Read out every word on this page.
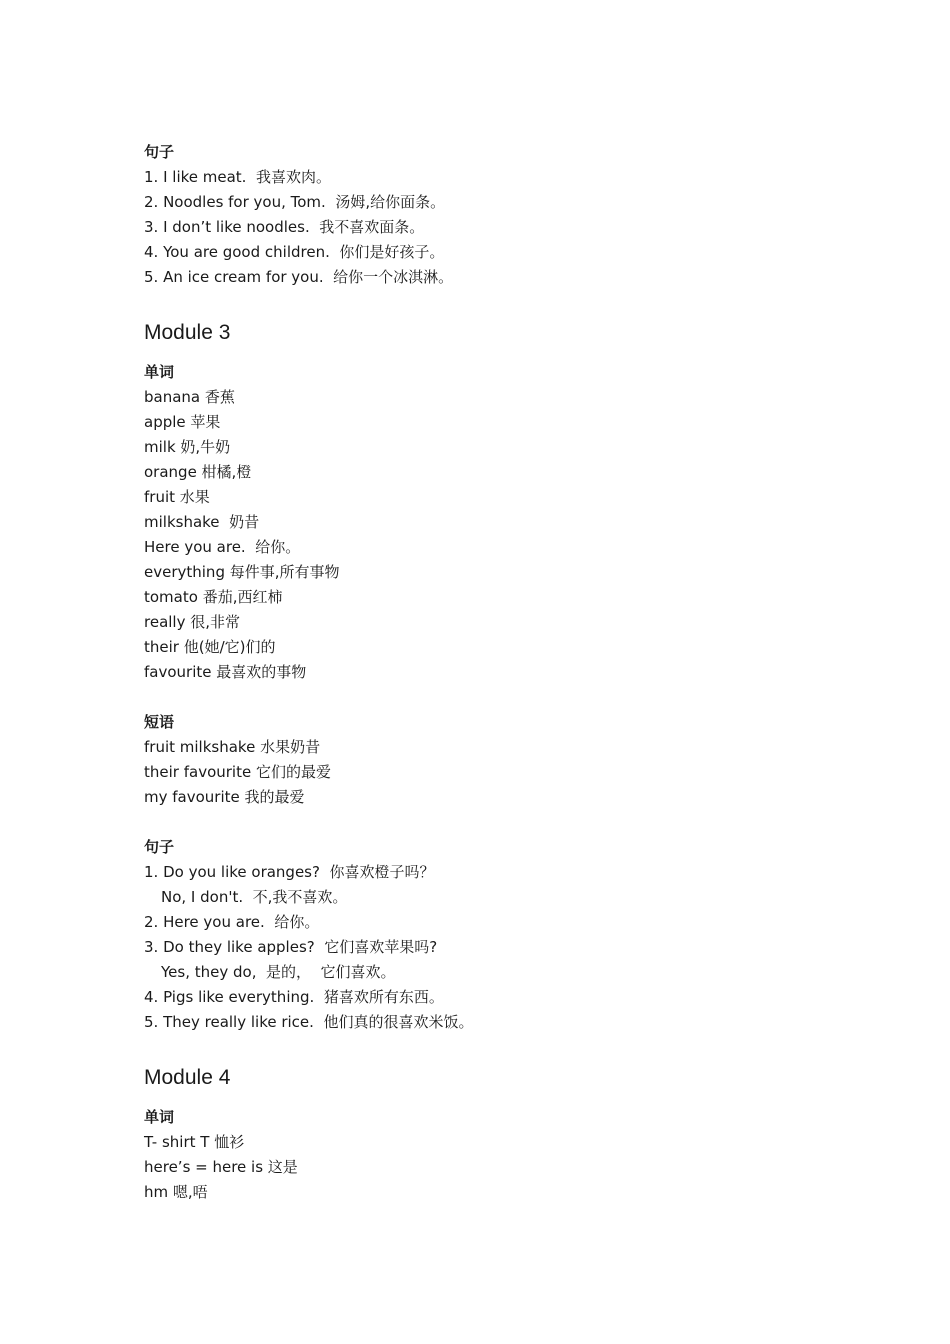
句子
1. I like meat.  我喜欢肉。
2. Noodles for you, Tom.  汤姆,给你面条。
3. I don’t like noodles.  我不喜欢面条。
4. You are good children.  你们是好孩子。
5. An ice cream for you.  给你一个冰淇淋。
Module 3
单词
banana 香蕉
apple 苹果
milk 奶,牛奶
orange 柑橘,橙
fruit 水果
milkshake  奶昔
Here you are.  给你。
everything 每件事,所有事物
tomato 番茄,西红柿
really 很,非常
their 他(她/它)们的
favourite 最喜欢的事物
短语
fruit milkshake 水果奶昔
their favourite 它们的最爱
my favourite 我的最爱
句子
1. Do you like oranges?  你喜欢橙子吗？
No, I don't.  不,我不喜欢。
2. Here you are.  给你。
3. Do they like apples?  它们喜欢苹果吗?
Yes, they do,  是的，  它们喜欢。
4. Pigs like everything.  猪喜欢所有东西。
5. They really like rice.  他们真的很喜欢米饭。
Module 4
单词
T- shirt T 恤衫
here’s = here is 这是
hm 嗯,唔
